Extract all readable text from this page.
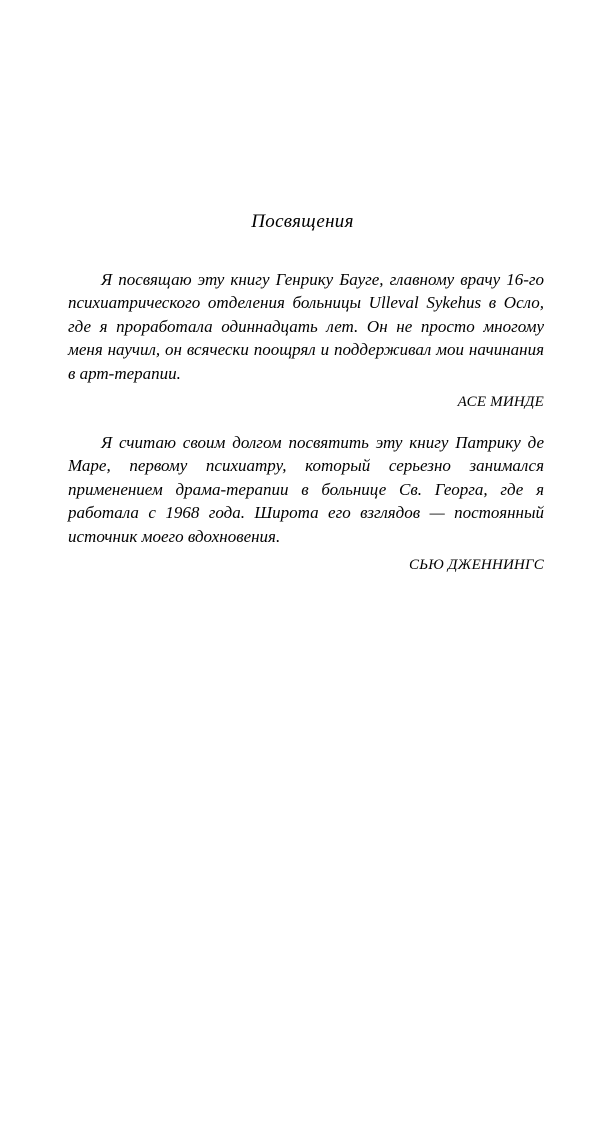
Посвящения

Я посвящаю эту книгу Генрику Бауге, главному врачу 16-го психиатрического отделения больницы Ulleval Sykehus в Осло, где я проработала одиннадцать лет. Он не просто многому меня научил, он всячески поощрял и поддерживал мои начинания в арт-терапии.

АСЕ МИНДЕ

Я считаю своим долгом посвятить эту книгу Патрику де Маре, первому психиатру, который серьезно занимался применением драма-терапии в больнице Св. Георга, где я работала с 1968 года. Широта его взглядов — постоянный источник моего вдохновения.

СЬЮ ДЖЕННИНГС
